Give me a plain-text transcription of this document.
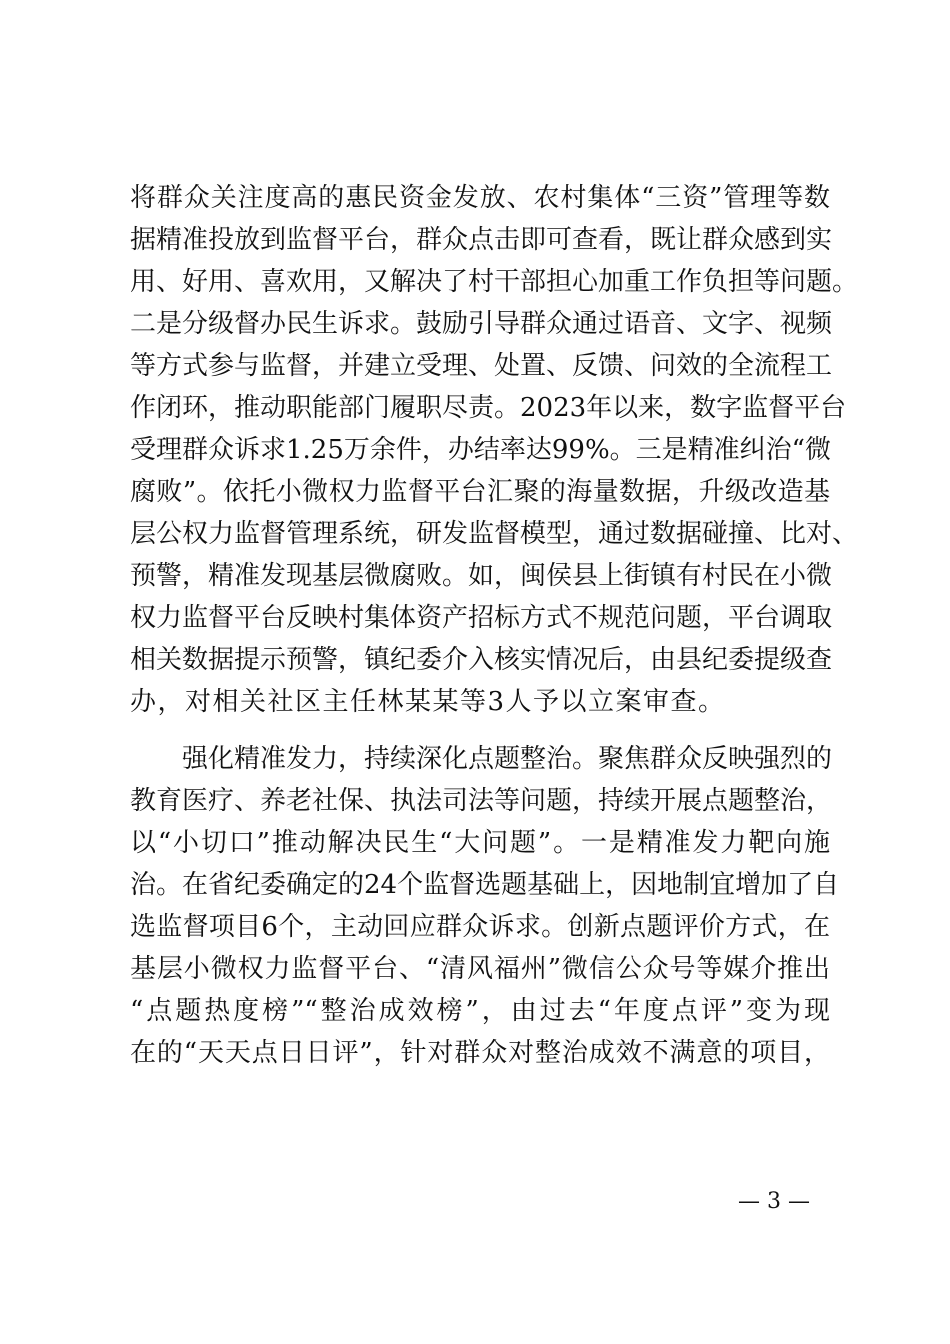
将群众关注度高的惠民资金发放、农村集体“三资”管理等数
据精准投放到监督平台，群众点击即可查看，既让群众感到实
用、好用、喜欢用，又解决了村干部担心加重工作负担等问题。
二是分级督办民生诉求。鼓励引导群众通过语音、文字、视频
等方式参与监督，并建立受理、处置、反馈、问效的全流程工
作闭环，推动职能部门履职尽责。2023年以来，数字监督平台
受理群众诉求1.25万余件，办结率达99%。三是精准纠治“微
腐败”。依托小微权力监督平台汇聚的海量数据，升级改造基
层公权力监督管理系统，研发监督模型，通过数据碰撞、比对、
预警，精准发现基层微腐败。如，闽侯县上街镇有村民在小微
权力监督平台反映村集体资产招标方式不规范问题，平台调取
相关数据提示预警，镇纪委介入核实情况后，由县纪委提级查
办，对相关社区主任林某某等3人予以立案审查。
强化精准发力，持续深化点题整治。聚焦群众反映强烈的
教育医疗、养老社保、执法司法等问题，持续开展点题整治，
以“小切口”推动解决民生“大问题”。一是精准发力靶向施
治。在省纪委确定的24个监督选题基础上，因地制宜增加了自
选监督项目6个，主动回应群众诉求。创新点题评价方式，在
基层小微权力监督平台、“清风福州”微信公众号等媒介推出
“点题热度榜”“整治成效榜”，由过去“年度点评”变为现
在的“天天点日日评”，针对群众对整治成效不满意的项目，
— 3 —
